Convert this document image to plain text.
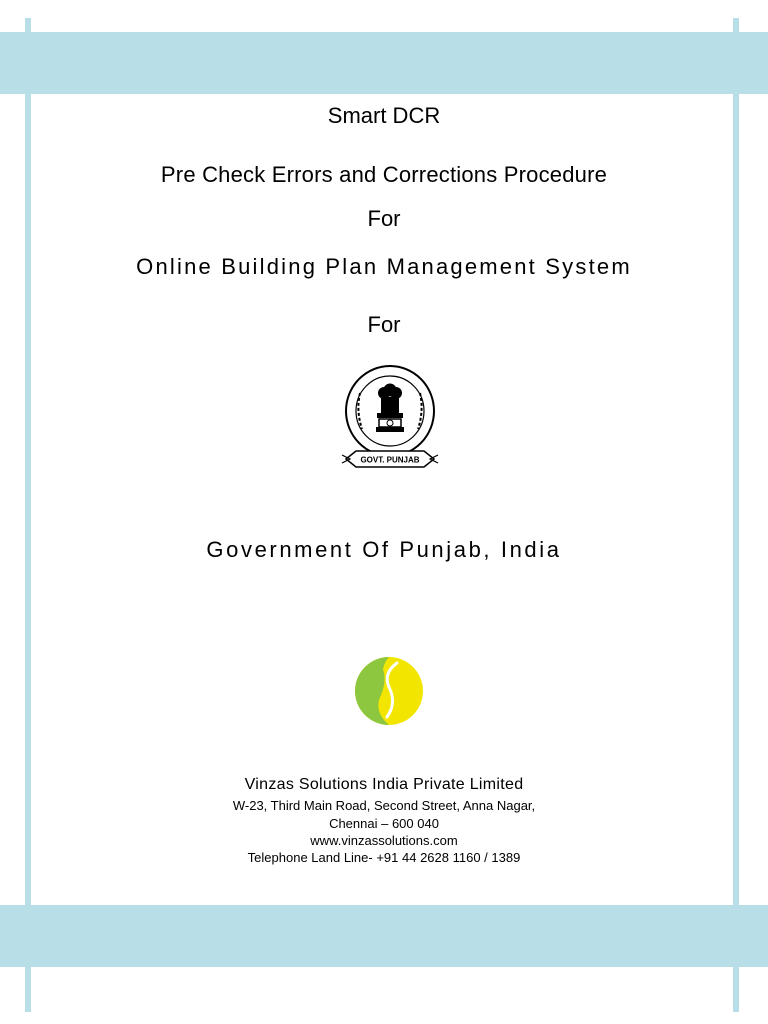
Smart DCR
Pre Check Errors and Corrections Procedure
For
Online Building Plan Management System
For
GOVT. PUNJAB
Government Of Punjab, India
Vinzas Solutions India Private Limited
W-23, Third Main Road, Second Street, Anna Nagar,
Chennai – 600 040
www.vinzassolutions.com
Telephone Land Line- +91 44 2628 1160 / 1389
